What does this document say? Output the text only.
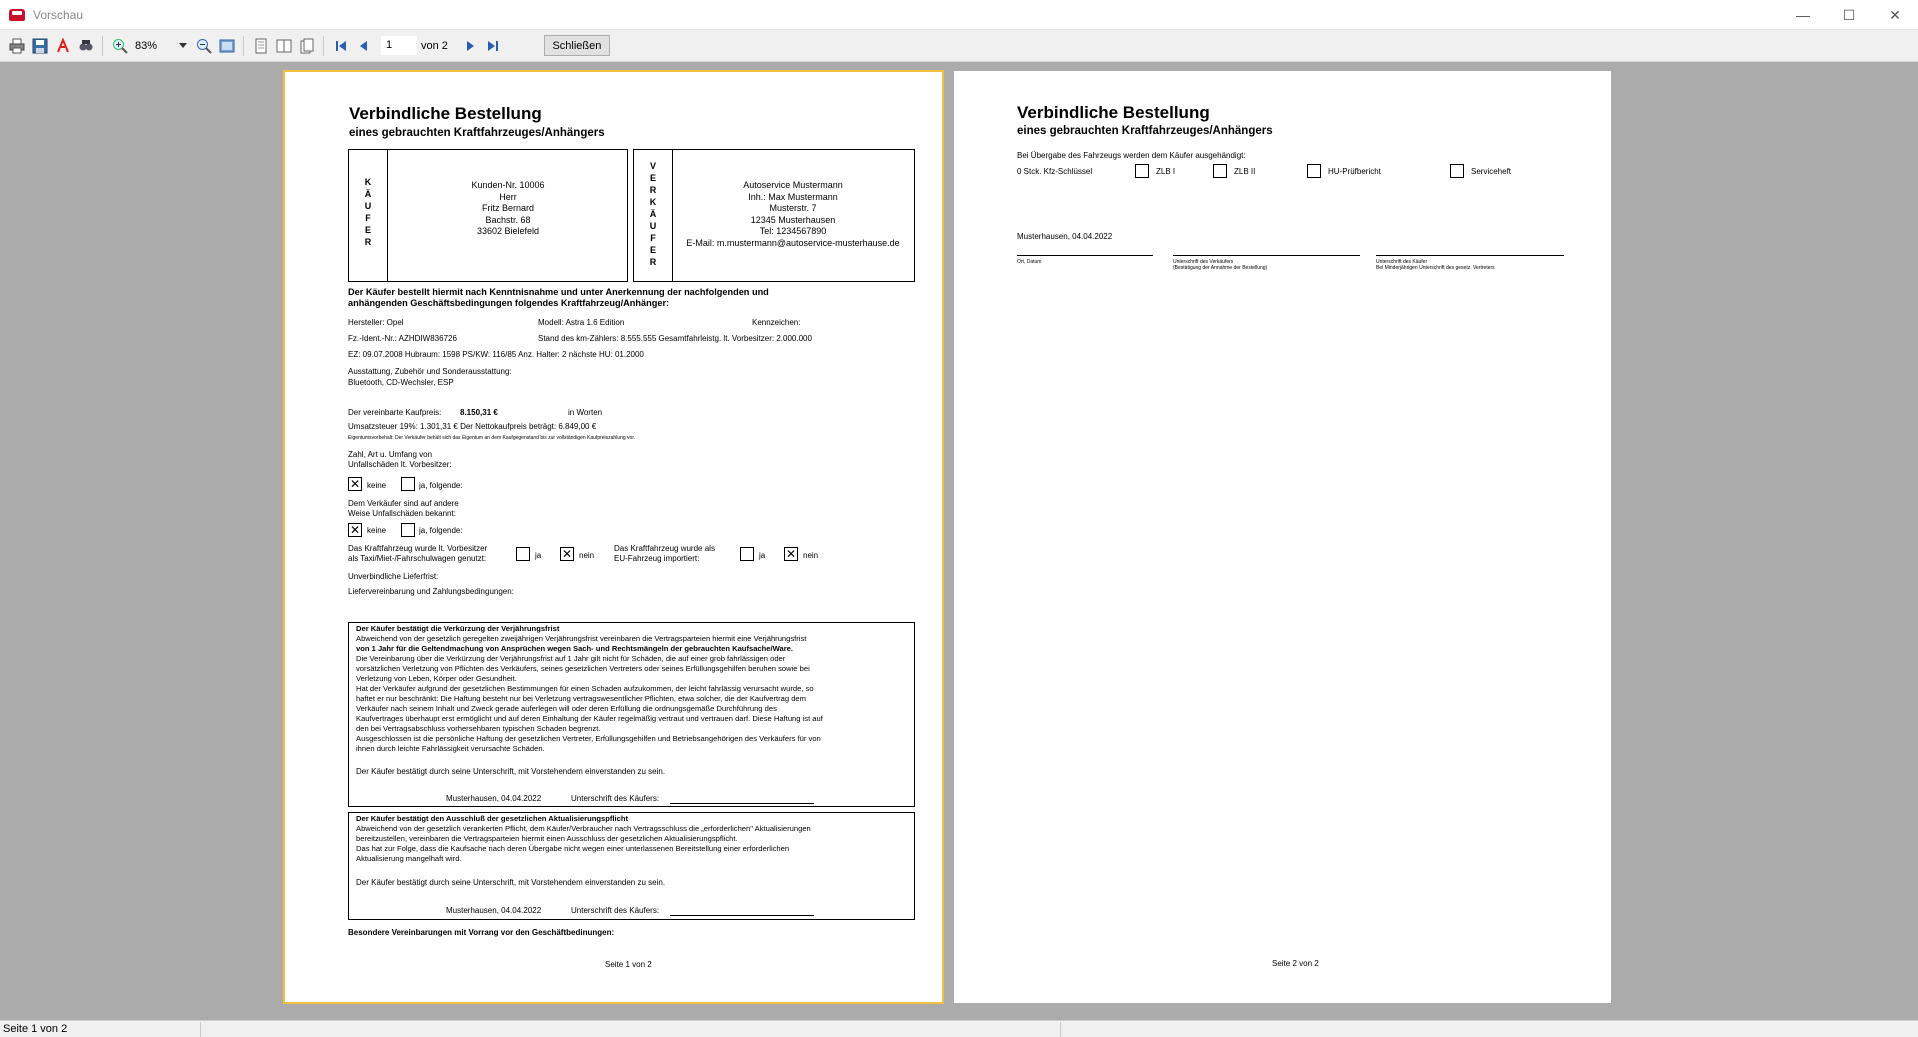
Vorschau	—	☐	✕
83%	1	von 2	Schließen
Verbindliche Bestellung
eines gebrauchten Kraftfahrzeuges/Anhängers
K
Ä
U
F
E
R
Kunden-Nr. 10006
Herr
Fritz Bernard
Bachstr. 68
33602 Bielefeld
V
E
R
K
Ä
U
F
E
R
Autoservice Mustermann
Inh.: Max Mustermann
Musterstr. 7
12345 Musterhausen
Tel: 1234567890
E-Mail: m.mustermann@autoservice-musterhause.de
Der Käufer bestellt hiermit nach Kenntnisnahme und unter Anerkennung der nachfolgenden und
anhängenden Geschäftsbedingungen folgendes Kraftfahrzeug/Anhänger:
Hersteller: Opel	Modell: Astra 1.6 Edition	Kennzeichen:
Fz.-Ident.-Nr.: AZHDIW836726	Stand des km-Zählers: 8.555.555 Gesamtfahrleistg. lt. Vorbesitzer: 2.000.000
EZ: 09.07.2008 Hubraum: 1598 PS/KW: 116/85 Anz. Halter: 2 nächste HU: 01.2000
Ausstattung, Zubehör und Sonderausstattung:
Bluetooth, CD-Wechsler, ESP
Der vereinbarte Kaufpreis: 8.150,31 €	in Worten
Umsatzsteuer 19%: 1.301,31 € Der Nettokaufpreis beträgt: 6.849,00 €
Eigentumsvorbehalt: Der Verkäufer behält sich das Eigentum an dem Kaufgegenstand bis zur vollständigen Kaufpreiszahlung vor.
Zahl, Art u. Umfang von
Unfallschäden lt. Vorbesitzer:
✕ keine	ja, folgende:
Dem Verkäufer sind auf andere
Weise Unfallschäden bekannt:
✕ keine	ja, folgende:
Das Kraftfahrzeug wurde lt. Vorbesitzer
als Taxi/Miet-/Fahrschulwagen genutzt:	ja ✕ nein
Das Kraftfahrzeug wurde als
EU-Fahrzeug importiert:	ja ✕ nein
Unverbindliche Lieferfrist:
Liefervereinbarung und Zahlungsbedingungen:
Der Käufer bestätigt die Verkürzung der Verjährungsfrist
Abweichend von der gesetzlich geregelten zweijährigen Verjährungsfrist vereinbaren die Vertragsparteien hiermit eine Verjährungsfrist
von 1 Jahr für die Geltendmachung von Ansprüchen wegen Sach- und Rechtsmängeln der gebrauchten Kaufsache/Ware.
Die Vereinbarung über die Verkürzung der Verjährungsfrist auf 1 Jahr gilt nicht für Schäden, die auf einer grob fahrlässigen oder
vorsätzlichen Verletzung von Pflichten des Verkäufers, seines gesetzlichen Vertreters oder seines Erfüllungsgehilfen beruhen sowie bei
Verletzung von Leben, Körper oder Gesundheit.
Hat der Verkäufer aufgrund der gesetzlichen Bestimmungen für einen Schaden aufzukommen, der leicht fahrlässig verursacht wurde, so
haftet er nur beschränkt: Die Haftung besteht nur bei Verletzung vertragswesentlicher Pflichten, etwa solcher, die der Kaufvertrag dem
Verkäufer nach seinem Inhalt und Zweck gerade auferlegen will oder deren Erfüllung die ordnungsgemäße Durchführung des
Kaufvertrages überhaupt erst ermöglicht und auf deren Einhaltung der Käufer regelmäßig vertraut und vertrauen darf. Diese Haftung ist auf
den bei Vertragsabschluss vorhersehbaren typischen Schaden begrenzt.
Ausgeschlossen ist die persönliche Haftung der gesetzlichen Vertreter, Erfüllungsgehilfen und Betriebsangehörigen des Verkäufers für von
ihnen durch leichte Fahrlässigkeit verursachte Schäden.
Der Käufer bestätigt durch seine Unterschrift, mit Vorstehendem einverstanden zu sein.
Musterhausen, 04.04.2022	Unterschrift des Käufers:
Der Käufer bestätigt den Ausschluß der gesetzlichen Aktualisierungspflicht
Abweichend von der gesetzlich verankerten Pflicht, dem Käufer/Verbraucher nach Vertragsschluss die „erforderlichen" Aktualisierungen
bereitzustellen, vereinbaren die Vertragsparteien hiermit einen Ausschluss der gesetzlichen Aktualisierungspflicht.
Das hat zur Folge, dass die Kaufsache nach deren Übergabe nicht wegen einer unterlassenen Bereitstellung einer erforderlichen
Aktualisierung mangelhaft wird.
Der Käufer bestätigt durch seine Unterschrift, mit Vorstehendem einverstanden zu sein.
Musterhausen, 04.04.2022	Unterschrift des Käufers:
Besondere Vereinbarungen mit Vorrang vor den Geschäftbedinungen:
Seite 1 von 2
Verbindliche Bestellung
eines gebrauchten Kraftfahrzeuges/Anhängers
Bei Übergabe des Fahrzeugs werden dem Käufer ausgehändigt:
0 Stck. Kfz-Schlüssel	ZLB I	ZLB II	HU-Prüfbericht	Serviceheft
Musterhausen, 04.04.2022
Ort, Datum	Unterschrift des Verkäufers
(Bestätigung der Annahme der Bestellung)
Unterschrift des Käufer
Bei Minderjährigen Unterschrift des gesetz. Vertreters
Seite 2 von 2
Seite 1 von 2
